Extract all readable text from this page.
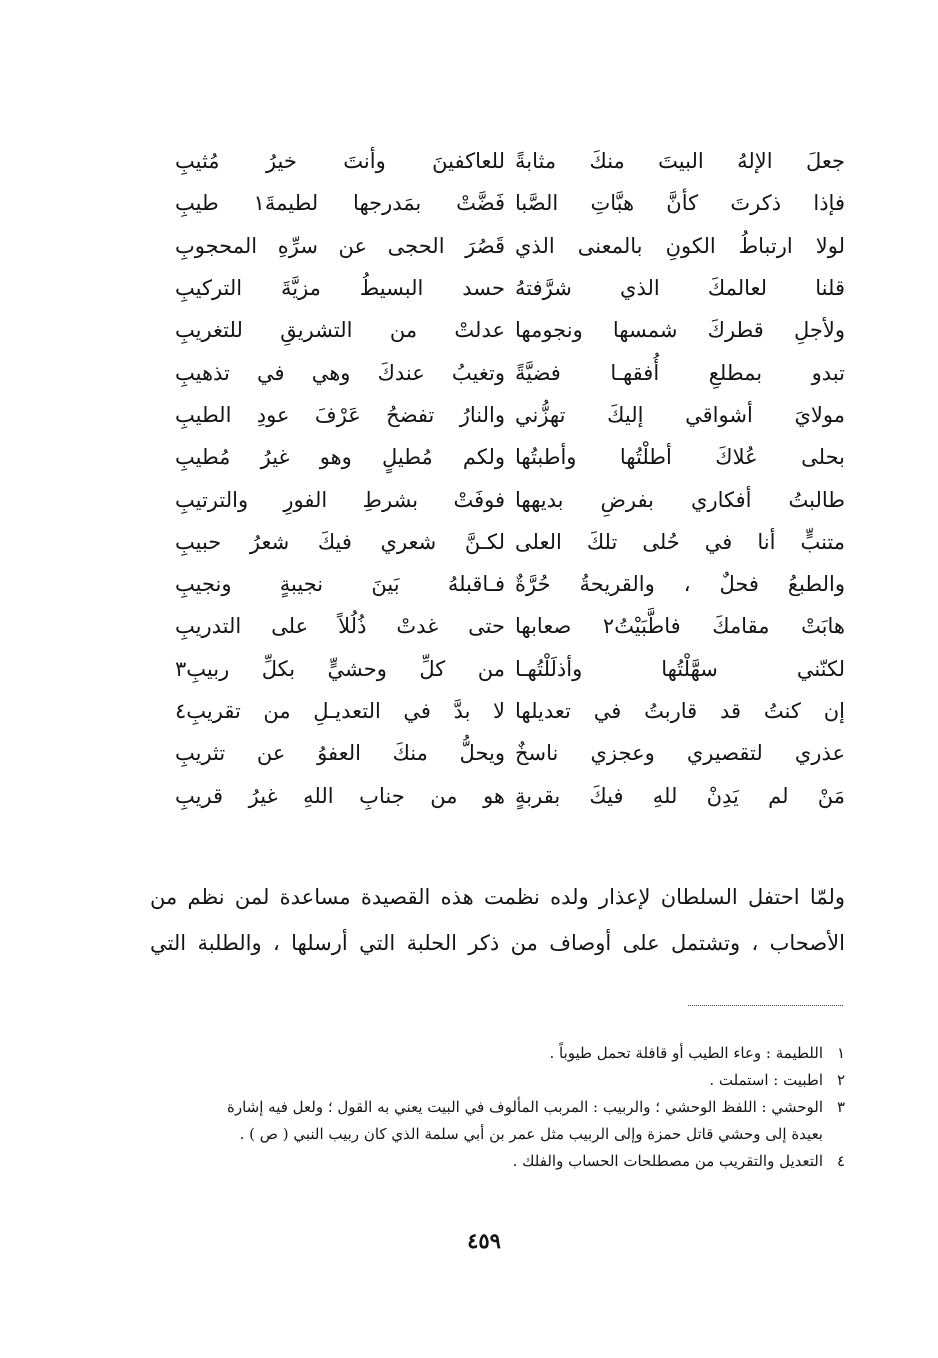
جعلَ الإلهُ البيتَ منكَ مثابةً
للعاكفينَ وأنتَ خيرُ مُثيبِ
فإذا ذكرتَ كأنَّ هبَّاتِ الصَّبا
فَضَّتْ بمَدرجها لطيمةَ١ طيبِ
لولا ارتباطُ الكونِ بالمعنى الذي
قَصُرَ الحجى عن سرِّهِ المحجوبِ
قلنا لعالمكَ الذي شرَّفتهُ
حسد البسيطُ مزيَّةَ التركيبِ
ولأجلِ قطركَ شمسها ونجومها
عدلتْ من التشريقِ للتغريبِ
تبدو بمطلعِ أُفقهـا فضيَّةً
وتغيبُ عندكَ وهي في تذهيبِ
مولايَ أشواقي إليكَ تهزُّني
والنارُ تفضحُ عَرْفَ عودِ الطيبِ
بحلى عُلاكَ أطلْتُها وأطبتُها
ولكم مُطيلٍ وهو غيرُ مُطيبِ
طالبتُ أفكاري بفرضِ بديهها
فوفَتْ بشرطِ الفورِ والترتيبِ
متنبٍّ أنا في حُلى تلكَ العلى
لكـنَّ شعري فيكَ شعرُ حبيبِ
والطبعُ فحلٌ ، والقريحةُ حُرَّةٌ
فـاقبلهُ بَينَ نجيبةٍ ونجيبِ
هابَتْ مقامكَ فاطَّبَيْتُ٢ صعابها
حتى غدتْ ذُلُلاً على التدريبِ
لكنّني سهَّلْتُها وأذلَلْتُهـا
من كلِّ وحشيٍّ بكلِّ ربيبِ٣
إن كنتُ قد قاربتُ في تعديلها
لا بدَّ في التعديـلِ من تقريبِ٤
عذري لتقصيري وعجزي ناسخٌ
ويحلُّ منكَ العفوُ عن تثريبِ
مَنْ لم يَدِنْ للهِ فيكَ بقربةٍ
هو من جنابِ اللهِ غيرُ قريبِ
ولمّا احتفل السلطان لإعذار ولده نظمت هذه القصيدة مساعدة لمن نظم من
الأصحاب ، وتشتمل على أوصاف من ذكر الحلبة التي أرسلها ، والطلبة التي
١
اللطيمة : وعاء الطيب أو قافلة تحمل طيوباً .
٢
اطبيت : استملت .
٣
الوحشي : اللفظ الوحشي ؛ والربيب : المربب المألوف في البيت يعني به القول ؛ ولعل فيه إشارة
بعيدة إلى وحشي قاتل حمزة وإلى الربيب مثل عمر بن أبي سلمة الذي كان ربيب النبي ( ص ) .
٤
التعديل والتقريب من مصطلحات الحساب والفلك .
٤٥٩
